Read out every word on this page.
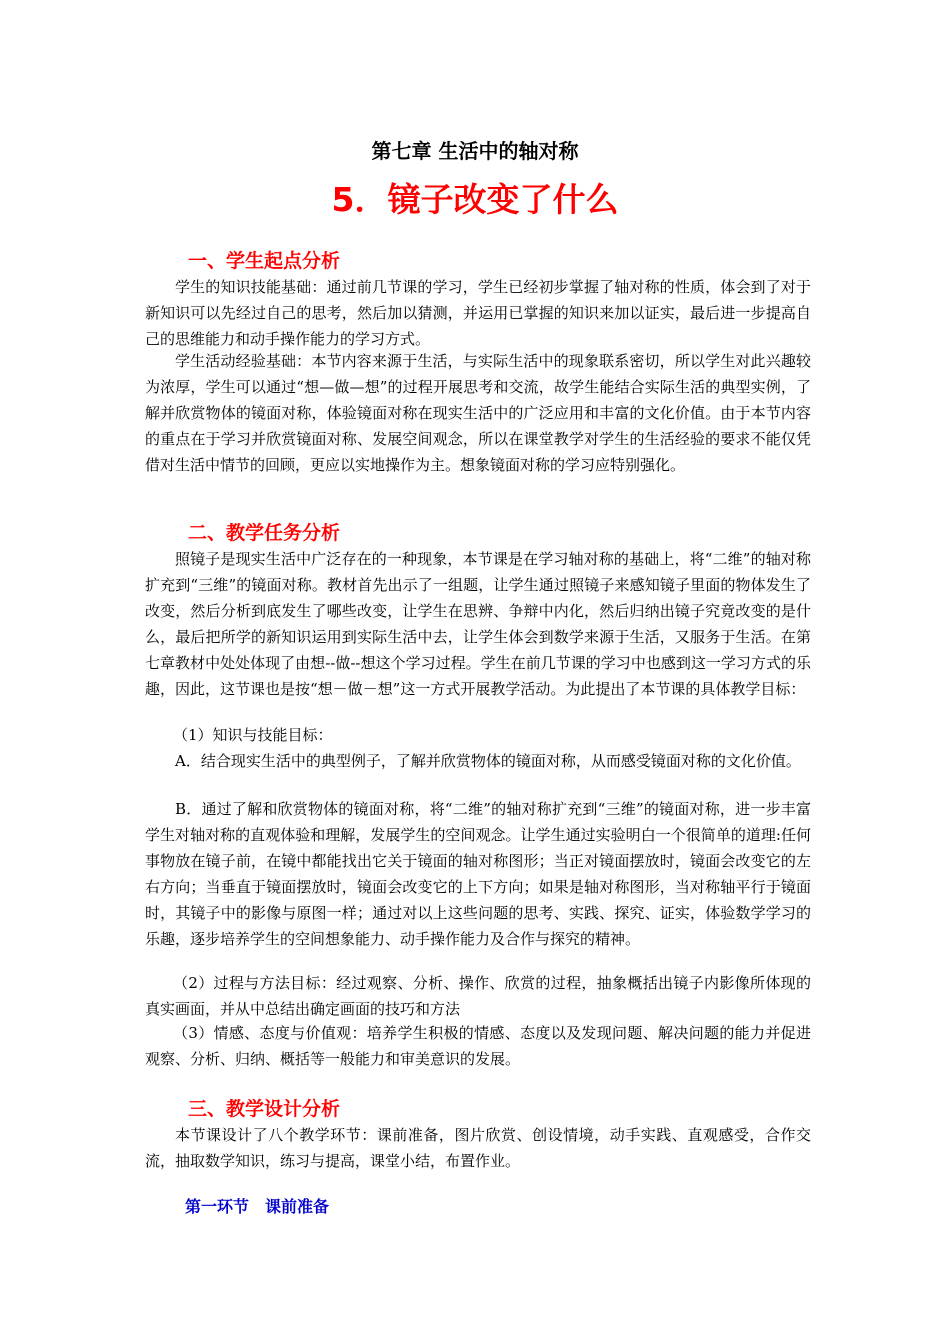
第七章 生活中的轴对称
5．镜子改变了什么
一、学生起点分析

学生的知识技能基础：通过前几节课的学习，学生已经初步掌握了轴对称的性质，体会到了对于新知识可以先经过自己的思考，然后加以猜测，并运用已掌握的知识来加以证实，最后进一步提高自己的思维能力和动手操作能力的学习方式。

学生活动经验基础：本节内容来源于生活，与实际生活中的现象联系密切，所以学生对此兴趣较为浓厚，学生可以通过“想—做—想”的过程开展思考和交流，故学生能结合实际生活的典型实例，了解并欣赏物体的镜面对称，体验镜面对称在现实生活中的广泛应用和丰富的文化价值。由于本节内容的重点在于学习并欣赏镜面对称、发展空间观念，所以在课堂教学对学生的生活经验的要求不能仅凭借对生活中情节的回顾，更应以实地操作为主。想象镜面对称的学习应特别强化。

二、教学任务分析

照镜子是现实生活中广泛存在的一种现象，本节课是在学习轴对称的基础上，将“二维”的轴对称扩充到“三维”的镜面对称。教材首先出示了一组题，让学生通过照镜子来感知镜子里面的物体发生了改变，然后分析到底发生了哪些改变，让学生在思辨、争辩中内化，然后归纳出镜子究竟改变的是什么，最后把所学的新知识运用到实际生活中去，让学生体会到数学来源于生活，又服务于生活。在第七章教材中处处体现了由想--做--想这个学习过程。学生在前几节课的学习中也感到这一学习方式的乐趣，因此，这节课也是按“想－做－想”这一方式开展教学活动。为此提出了本节课的具体教学目标：

（1）知识与技能目标：

A．结合现实生活中的典型例子，了解并欣赏物体的镜面对称，从而感受镜面对称的文化价值。

B．通过了解和欣赏物体的镜面对称，将“二维”的轴对称扩充到“三维”的镜面对称，进一步丰富学生对轴对称的直观体验和理解，发展学生的空间观念。让学生通过实验明白一个很简单的道理:任何事物放在镜子前，在镜中都能找出它关于镜面的轴对称图形；当正对镜面摆放时，镜面会改变它的左右方向；当垂直于镜面摆放时，镜面会改变它的上下方向；如果是轴对称图形，当对称轴平行于镜面时，其镜子中的影像与原图一样；通过对以上这些问题的思考、实践、探究、证实，体验数学学习的乐趣，逐步培养学生的空间想象能力、动手操作能力及合作与探究的精神。

（2）过程与方法目标：经过观察、分析、操作、欣赏的过程，抽象概括出镜子内影像所体现的真实画面，并从中总结出确定画面的技巧和方法

（3）情感、态度与价值观：培养学生积极的情感、态度以及发现问题、解决问题的能力并促进观察、分析、归纳、概括等一般能力和审美意识的发展。

三、教学设计分析

本节课设计了八个教学环节：课前准备，图片欣赏、创设情境，动手实践、直观感受，合作交流，抽取数学知识，练习与提高，课堂小结，布置作业。

第一环节　课前准备
